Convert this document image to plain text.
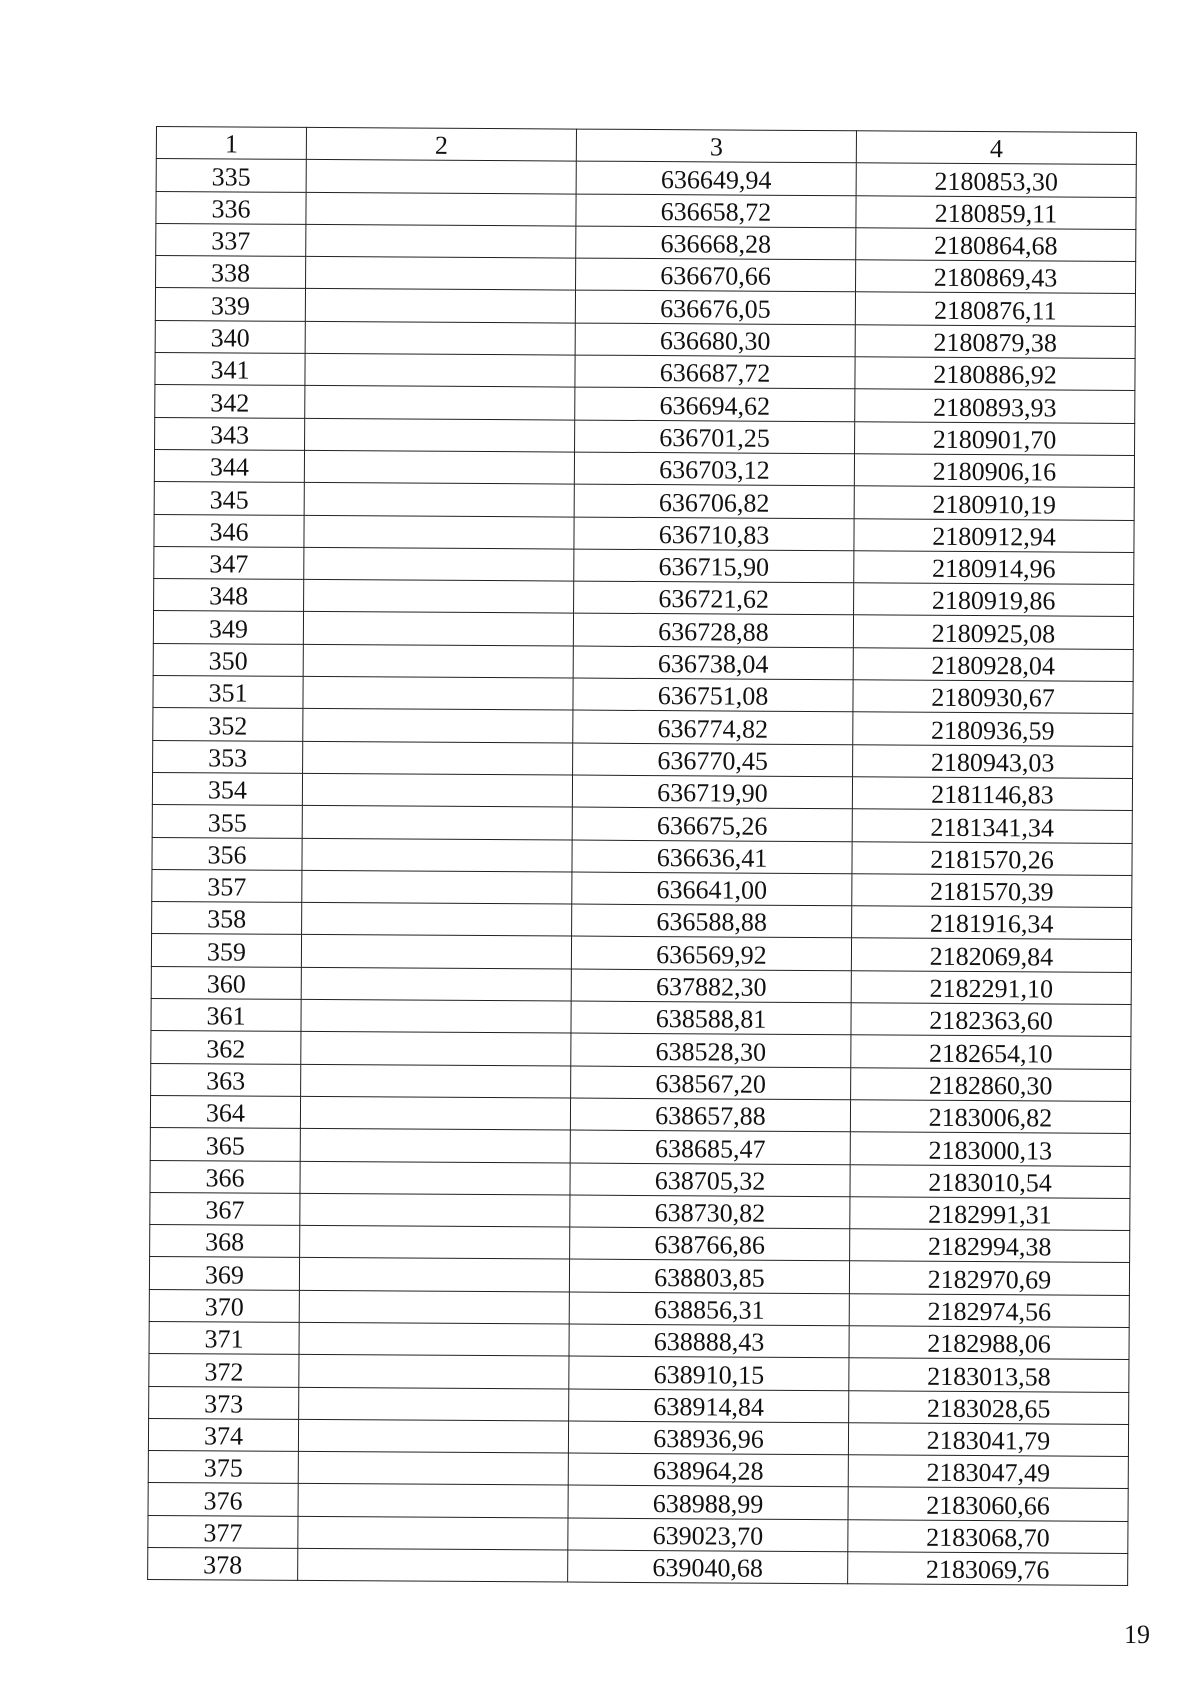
1	2	3	4
335		636649,94	2180853,30
336		636658,72	2180859,11
337		636668,28	2180864,68
338		636670,66	2180869,43
339		636676,05	2180876,11
340		636680,30	2180879,38
341		636687,72	2180886,92
342		636694,62	2180893,93
343		636701,25	2180901,70
344		636703,12	2180906,16
345		636706,82	2180910,19
346		636710,83	2180912,94
347		636715,90	2180914,96
348		636721,62	2180919,86
349		636728,88	2180925,08
350		636738,04	2180928,04
351		636751,08	2180930,67
352		636774,82	2180936,59
353		636770,45	2180943,03
354		636719,90	2181146,83
355		636675,26	2181341,34
356		636636,41	2181570,26
357		636641,00	2181570,39
358		636588,88	2181916,34
359		636569,92	2182069,84
360		637882,30	2182291,10
361		638588,81	2182363,60
362		638528,30	2182654,10
363		638567,20	2182860,30
364		638657,88	2183006,82
365		638685,47	2183000,13
366		638705,32	2183010,54
367		638730,82	2182991,31
368		638766,86	2182994,38
369		638803,85	2182970,69
370		638856,31	2182974,56
371		638888,43	2182988,06
372		638910,15	2183013,58
373		638914,84	2183028,65
374		638936,96	2183041,79
375		638964,28	2183047,49
376		638988,99	2183060,66
377		639023,70	2183068,70
378		639040,68	2183069,76
19
